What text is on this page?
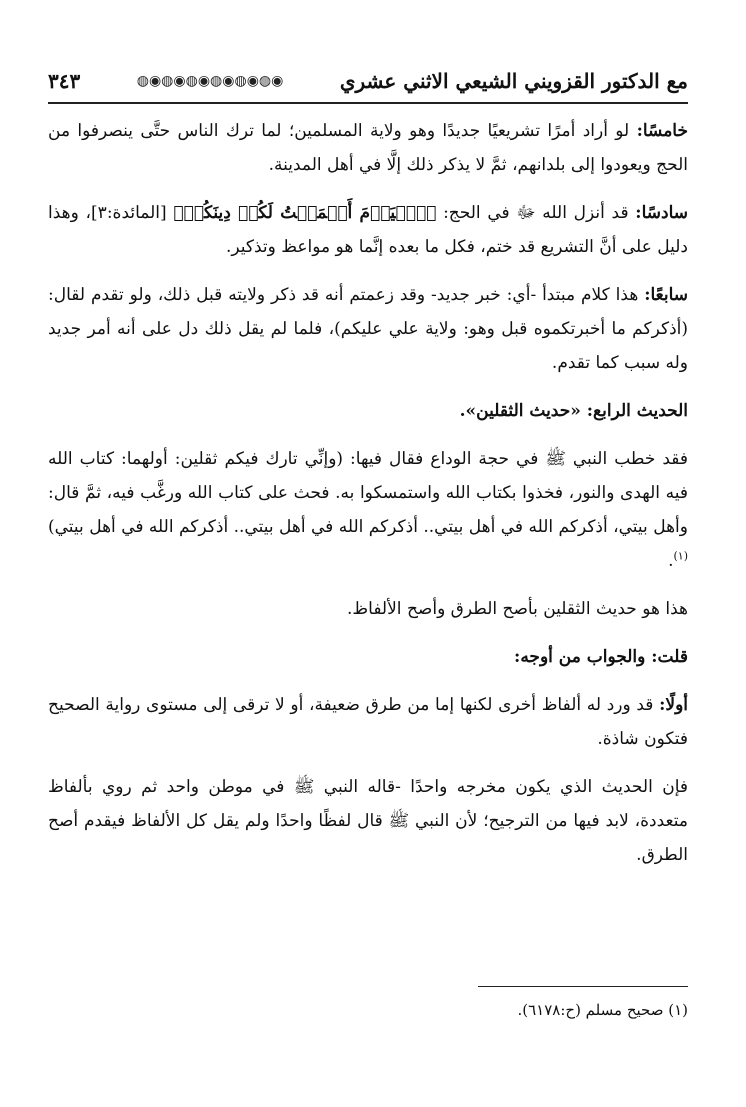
مع الدكتور القزويني الشيعي الاثني عشري
◉◍◉◍◉◍◉◍◉◍◉◍
٣٤٣

خامسًا: لو أراد أمرًا تشريعيًا جديدًا وهو ولاية المسلمين؛ لما ترك الناس حتَّى ينصرفوا من الحج ويعودوا إلى بلدانهم، ثمَّ لا يذكر ذلك إلَّا في أهل المدينة.

سادسًا: قد أنزل الله ﷻ في الحج: ﴿ٱلۡيَوۡمَ أَكۡمَلۡتُ لَكُمۡ دِينَكُمۡ﴾ [المائدة:٣]، وهذا دليل على أنَّ التشريع قد ختم، فكل ما بعده إنَّما هو مواعظ وتذكير.

سابعًا: هذا كلام مبتدأ -أي: خبر جديد- وقد زعمتم أنه قد ذكر ولايته قبل ذلك، ولو تقدم لقال: (أذكركم ما أخبرتكموه قبل وهو: ولاية علي عليكم)، فلما لم يقل ذلك دل على أنه أمر جديد وله سبب كما تقدم.

الحديث الرابع: «حديث الثقلين».

فقد خطب النبي ﷺ في حجة الوداع فقال فيها: (وإنِّي تارك فيكم ثقلين: أولهما: كتاب الله فيه الهدى والنور، فخذوا بكتاب الله واستمسكوا به. فحث على كتاب الله ورغَّب فيه، ثمَّ قال: وأهل بيتي، أذكركم الله في أهل بيتي.. أذكركم الله في أهل بيتي.. أذكركم الله في أهل بيتي)$^{(١)}$.

هذا هو حديث الثقلين بأصح الطرق وأصح الألفاظ.

قلت: والجواب من أوجه:

أولًا: قد ورد له ألفاظ أخرى لكنها إما من طرق ضعيفة، أو لا ترقى إلى مستوى رواية الصحيح فتكون شاذة.

فإن الحديث الذي يكون مخرجه واحدًا -قاله النبي ﷺ في موطن واحد ثم روي بألفاظ متعددة، لابد فيها من الترجيح؛ لأن النبي ﷺ قال لفظًا واحدًا ولم يقل كل الألفاظ فيقدم أصح الطرق.

(١) صحيح مسلم (ح:٦١٧٨).
